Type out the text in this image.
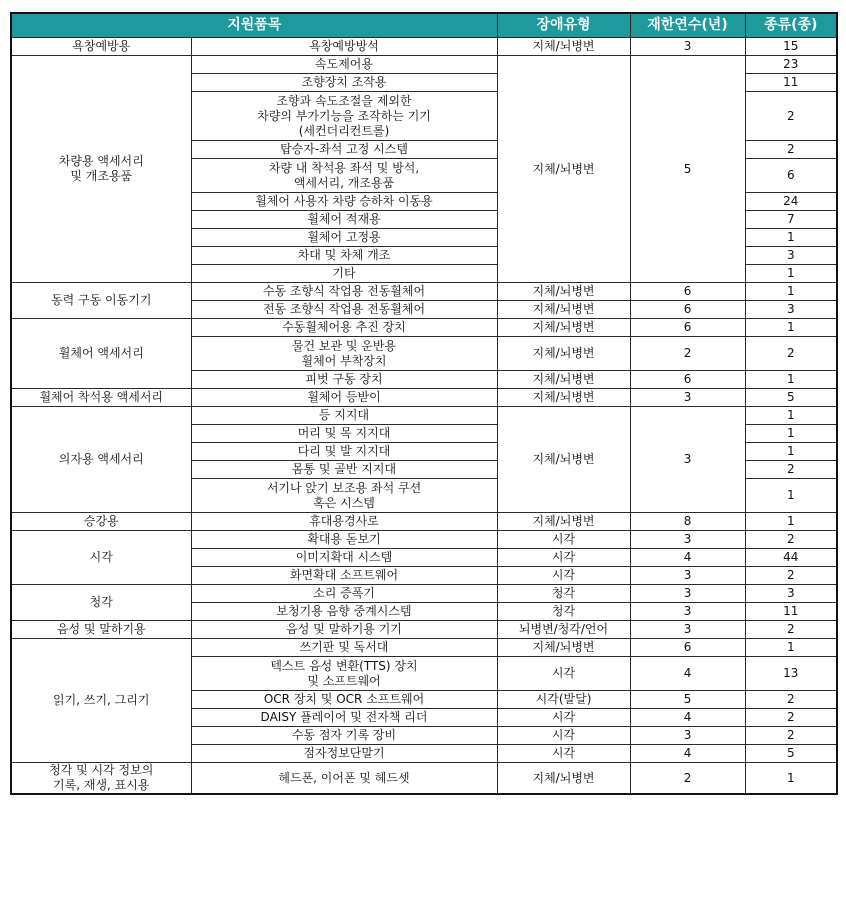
지원품목		장애유형	재한연수(년)	종류(종)
욕창예방용	욕창예방방석	지체/뇌병변	3	15
차량용 액세서리
및 개조용품	속도제어용	지체/뇌병변	5	23
	조향장치 조작용			11
	조향과 속도조절을 제외한
차량의 부가기능을 조작하는 기기
(세컨더리컨트롤)			2
	탑승자-좌석 고정 시스템			2
	차량 내 착석용 좌석 및 방석,
액세서리, 개조용품			6
	휠체어 사용자 차량 승하차 이동용			24
	휠체어 적재용			7
	휠체어 고정용			1
	차대 및 차체 개조			3
	기타			1
동력 구동 이동기기	수동 조향식 작업용 전동휠체어	지체/뇌병변	6	1
	전동 조향식 작업용 전동휠체어	지체/뇌병변	6	3
휠체어 액세서리	수동휠체어용 추진 장치	지체/뇌병변	6	1
	물건 보관 및 운반용
휠체어 부착장치	지체/뇌병변	2	2
	피벗 구동 장치	지체/뇌병변	6	1
휠체어 착석용 액세서리	휠체어 등받이	지체/뇌병변	3	5
의자용 액세서리	등 지지대	지체/뇌병변	3	1
	머리 및 목 지지대			1
	다리 및 발 지지대			1
	몸통 및 골반 지지대			2
	서기나 앉기 보조용 좌석 쿠션
혹은 시스템			1
승강용	휴대용경사로	지체/뇌병변	8	1
시각	확대용 돋보기	시각	3	2
	이미지확대 시스템	시각	4	44
	화면확대 소프트웨어	시각	3	2
청각	소리 증폭기	청각	3	3
	보청기용 음향 중계시스템	청각	3	11
음성 및 말하기용	음성 및 말하기용 기기	뇌병변/청각/언어	3	2
읽기, 쓰기, 그리기	쓰기판 및 독서대	지체/뇌병변	6	1
	텍스트 음성 변환(TTS) 장치
및 소프트웨어	시각	4	13
	OCR 장치 및 OCR 소프트웨어	시각(발달)	5	2
	DAISY 플레이어 및 전자책 리더	시각	4	2
	수동 점자 기록 장비	시각	3	2
	점자정보단말기	시각	4	5
청각 및 시각 정보의
기록, 재생, 표시용	헤드폰, 이어폰 및 헤드셋	지체/뇌병변	2	1
